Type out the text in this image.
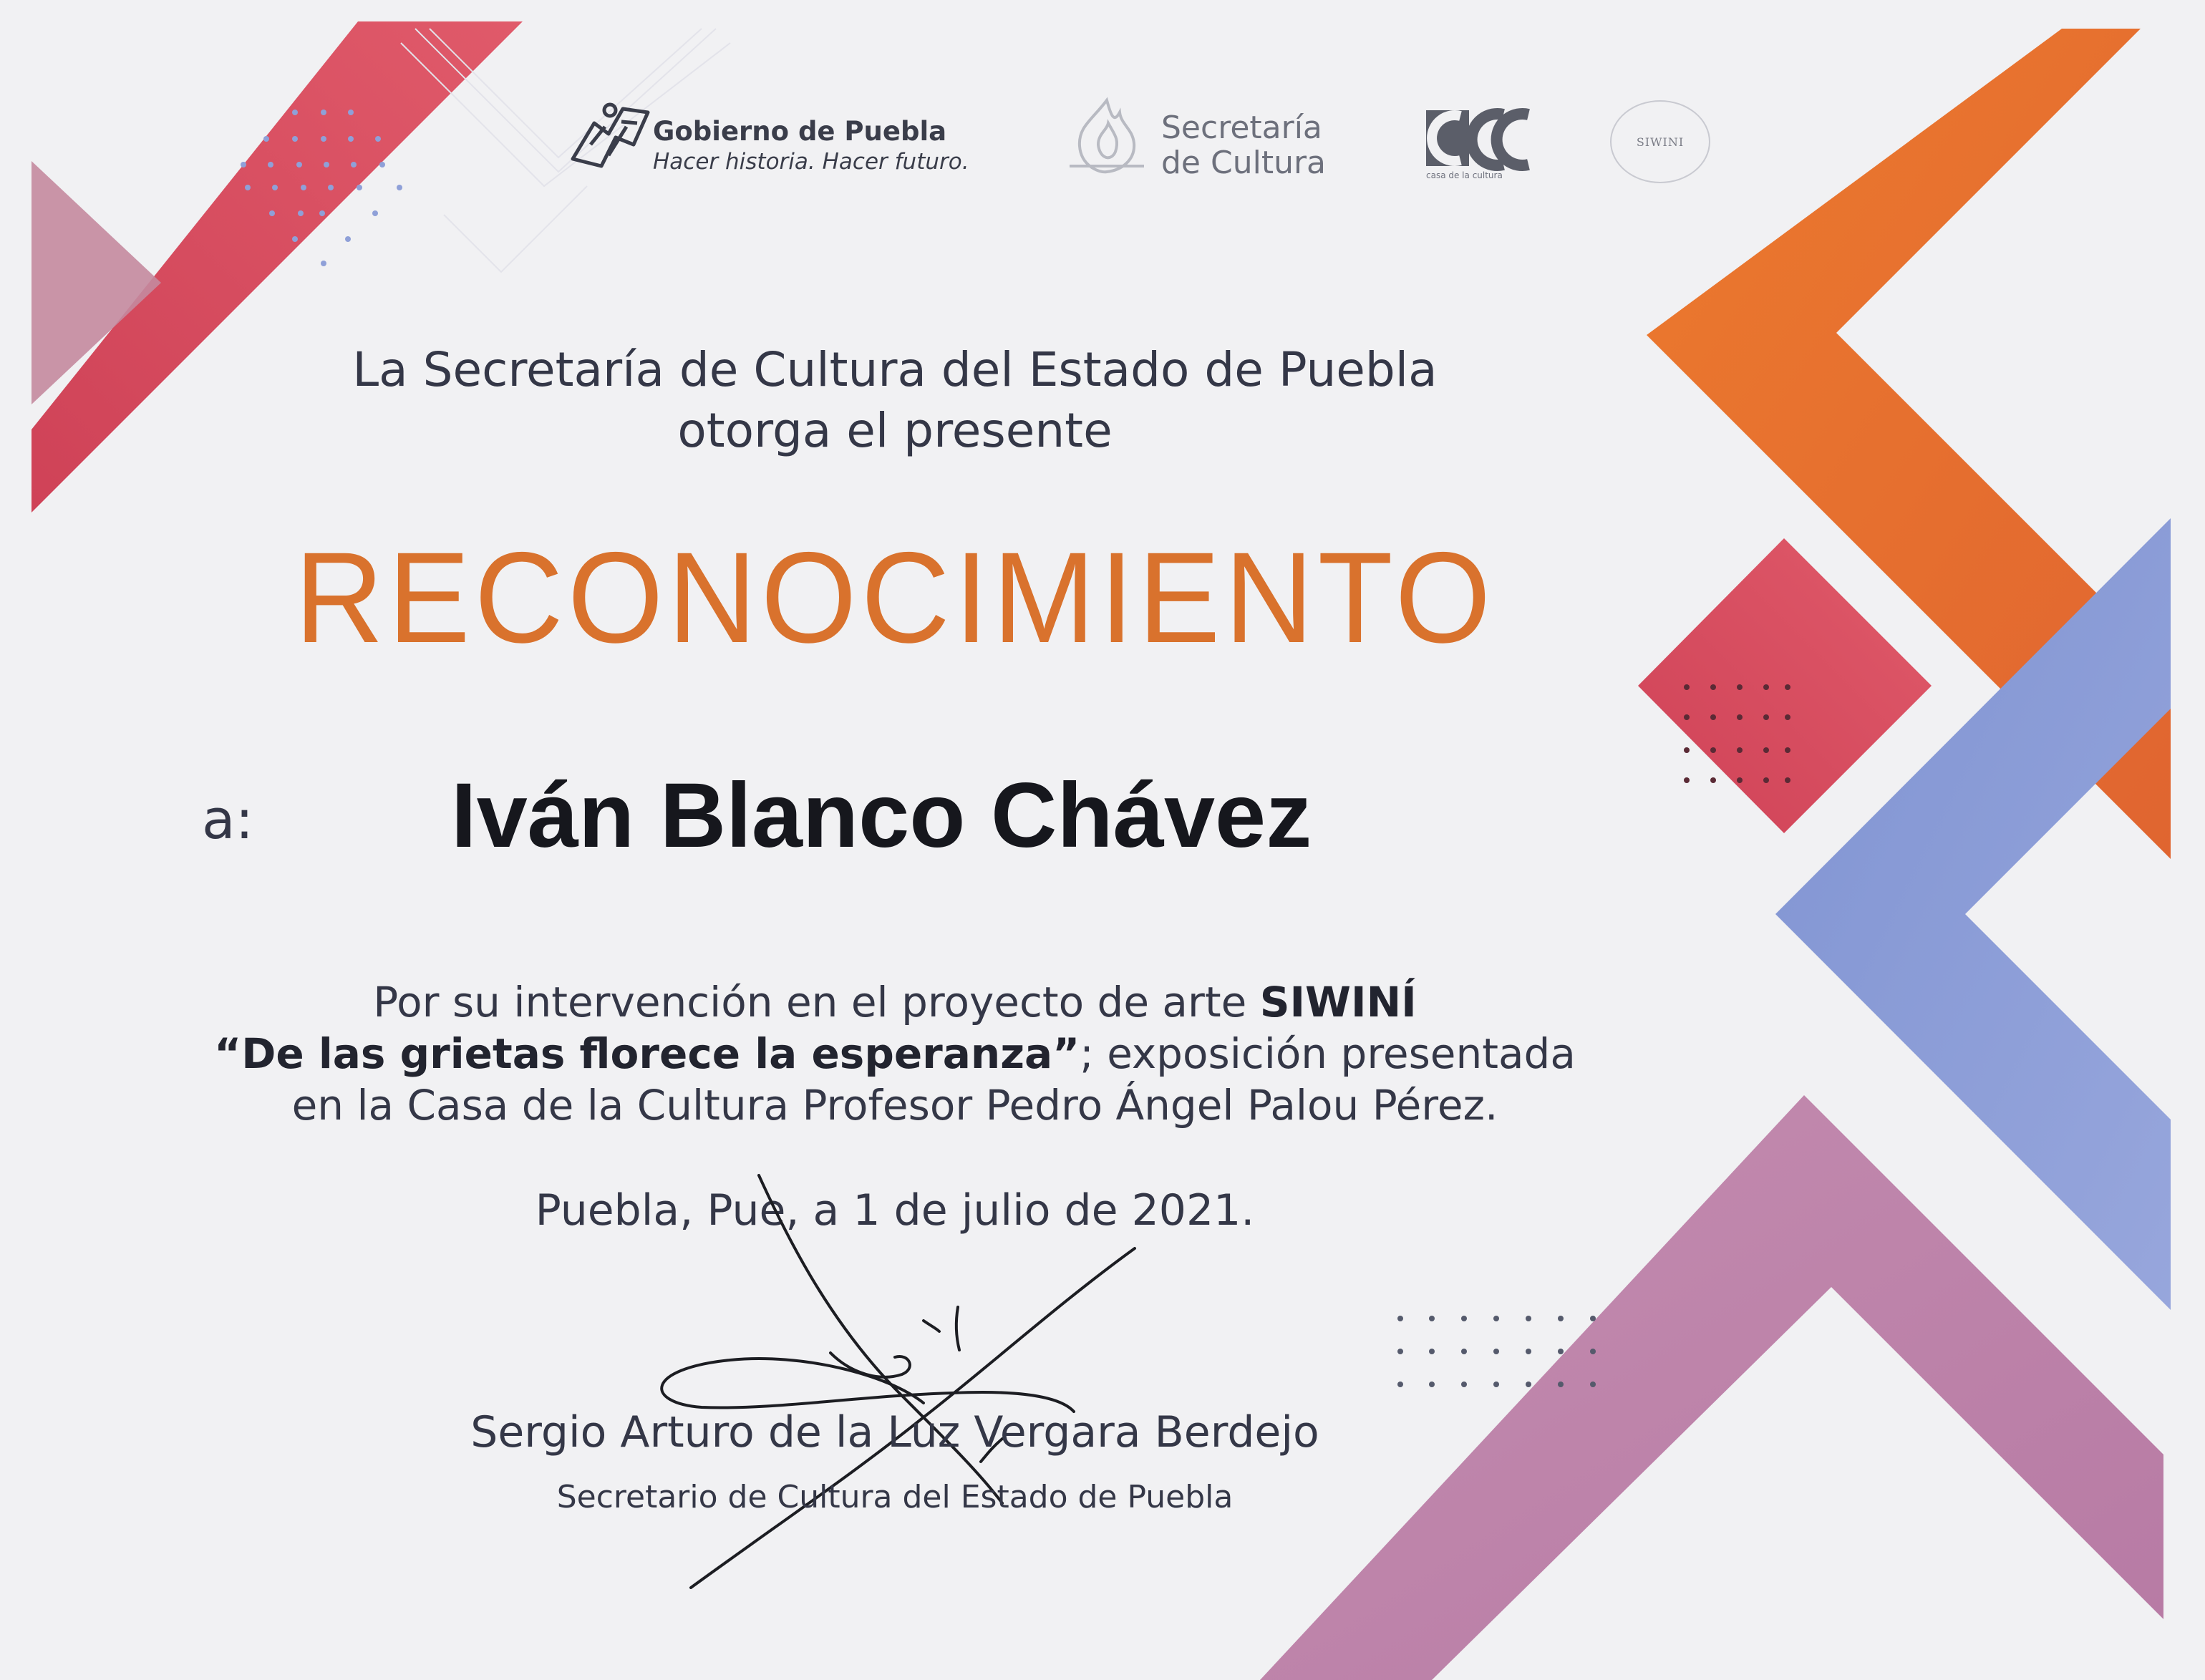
Gobierno de Puebla
Hacer historia. Hacer futuro.
Secretaría
de Cultura	casa de la cultura
SIWINI
La Secretaría de Cultura del Estado de Puebla
otorga el presente
RECONOCIMIENTO
a: Iván Blanco Chávez
Por su intervención en el proyecto de arte SIWINÍ
“De las grietas florece la esperanza”; exposición presentada
en la Casa de la Cultura Profesor Pedro Ángel Palou Pérez.
Puebla, Pue, a 1 de julio de 2021.
Sergio Arturo de la Luz Vergara Berdejo
Secretario de Cultura del Estado de Puebla
